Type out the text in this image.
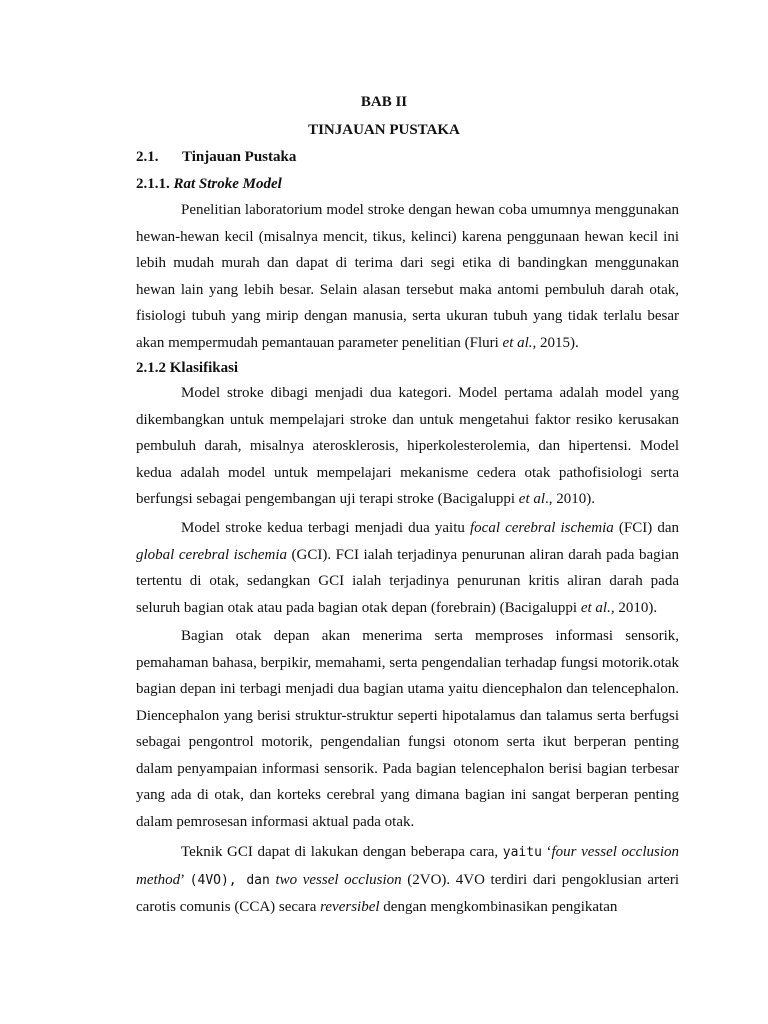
BAB II
TINJAUAN PUSTAKA
2.1. Tinjauan Pustaka
2.1.1. Rat Stroke Model

Penelitian laboratorium model stroke dengan hewan coba umumnya menggunakan hewan-hewan kecil (misalnya mencit, tikus, kelinci) karena penggunaan hewan kecil ini lebih mudah murah dan dapat di terima dari segi etika di bandingkan menggunakan hewan lain yang lebih besar. Selain alasan tersebut maka antomi pembuluh darah otak, fisiologi tubuh yang mirip dengan manusia, serta ukuran tubuh yang tidak terlalu besar akan mempermudah pemantauan parameter penelitian (Fluri et al., 2015).

2.1.2 Klasifikasi

Model stroke dibagi menjadi dua kategori. Model pertama adalah model yang dikembangkan untuk mempelajari stroke dan untuk mengetahui faktor resiko kerusakan pembuluh darah, misalnya aterosklerosis, hiperkolesterolemia, dan hipertensi. Model kedua adalah model untuk mempelajari mekanisme cedera otak pathofisiologi serta berfungsi sebagai pengembangan uji terapi stroke (Bacigaluppi et al., 2010).

Model stroke kedua terbagi menjadi dua yaitu focal cerebral ischemia (FCI) dan global cerebral ischemia (GCI). FCI ialah terjadinya penurunan aliran darah pada bagian tertentu di otak, sedangkan GCI ialah terjadinya penurunan kritis aliran darah pada seluruh bagian otak atau pada bagian otak depan (forebrain) (Bacigaluppi et al., 2010).

Bagian otak depan akan menerima serta memproses informasi sensorik, pemahaman bahasa, berpikir, memahami, serta pengendalian terhadap fungsi motorik.otak bagian depan ini terbagi menjadi dua bagian utama yaitu diencephalon dan telencephalon. Diencephalon yang berisi struktur-struktur seperti hipotalamus dan talamus serta berfugsi sebagai pengontrol motorik, pengendalian fungsi otonom serta ikut berperan penting dalam penyampaian informasi sensorik. Pada bagian telencephalon berisi bagian terbesar yang ada di otak, dan korteks cerebral yang dimana bagian ini sangat berperan penting dalam pemrosesan informasi aktual pada otak.

Teknik GCI dapat di lakukan dengan beberapa cara, yaitu ‘four vessel occlusion method’ (4VO), dan two vessel occlusion (2VO). 4VO terdiri dari pengoklusian arteri carotis comunis (CCA) secara reversibel dengan mengkombinasikan pengikatan
